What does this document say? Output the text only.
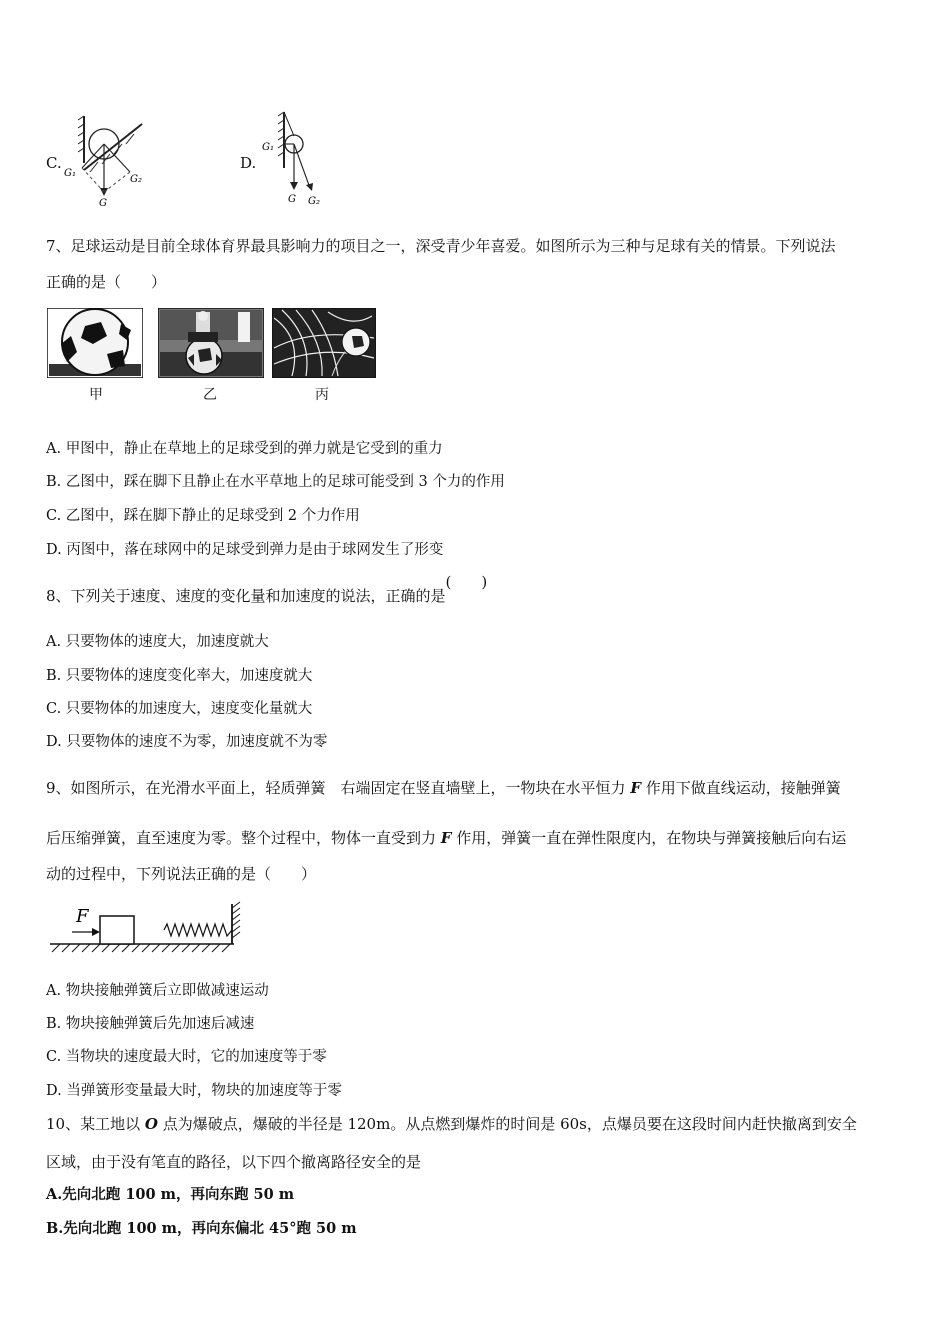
C.
G₁
G₂
G
D.
G₁
G G₂
7、足球运动是目前全球体育界最具影响力的项目之一，深受青少年喜爱。如图所示为三种与足球有关的情景。下列说法
正确的是（　　）
甲	乙	丙
A. 甲图中，静止在草地上的足球受到的弹力就是它受到的重力
B. 乙图中，踩在脚下且静止在水平草地上的足球可能受到 3 个力的作用
C. 乙图中，踩在脚下静止的足球受到 2 个力作用
D. 丙图中，落在球网中的足球受到弹力是由于球网发生了形变
8、下列关于速度、速度的变化量和加速度的说法，正确的是(　　)
A. 只要物体的速度大，加速度就大
B. 只要物体的速度变化率大，加速度就大
C. 只要物体的加速度大，速度变化量就大
D. 只要物体的速度不为零，加速度就不为零
9、如图所示，在光滑水平面上，轻质弹簧　右端固定在竖直墙壁上，一物块在水平恒力 F 作用下做直线运动，接触弹簧
后压缩弹簧，直至速度为零。整个过程中，物体一直受到力 F 作用，弹簧一直在弹性限度内，在物块与弹簧接触后向右运
动的过程中，下列说法正确的是（　　）
F
A. 物块接触弹簧后立即做减速运动
B. 物块接触弹簧后先加速后减速
C. 当物块的速度最大时，它的加速度等于零
D. 当弹簧形变量最大时，物块的加速度等于零
10、某工地以 O 点为爆破点，爆破的半径是 120m。从点燃到爆炸的时间是 60s，点爆员要在这段时间内赶快撤离到安全
区域，由于没有笔直的路径，以下四个撤离路径安全的是
A.先向北跑 100 m，再向东跑 50 m
B.先向北跑 100 m，再向东偏北 45°跑 50 m
